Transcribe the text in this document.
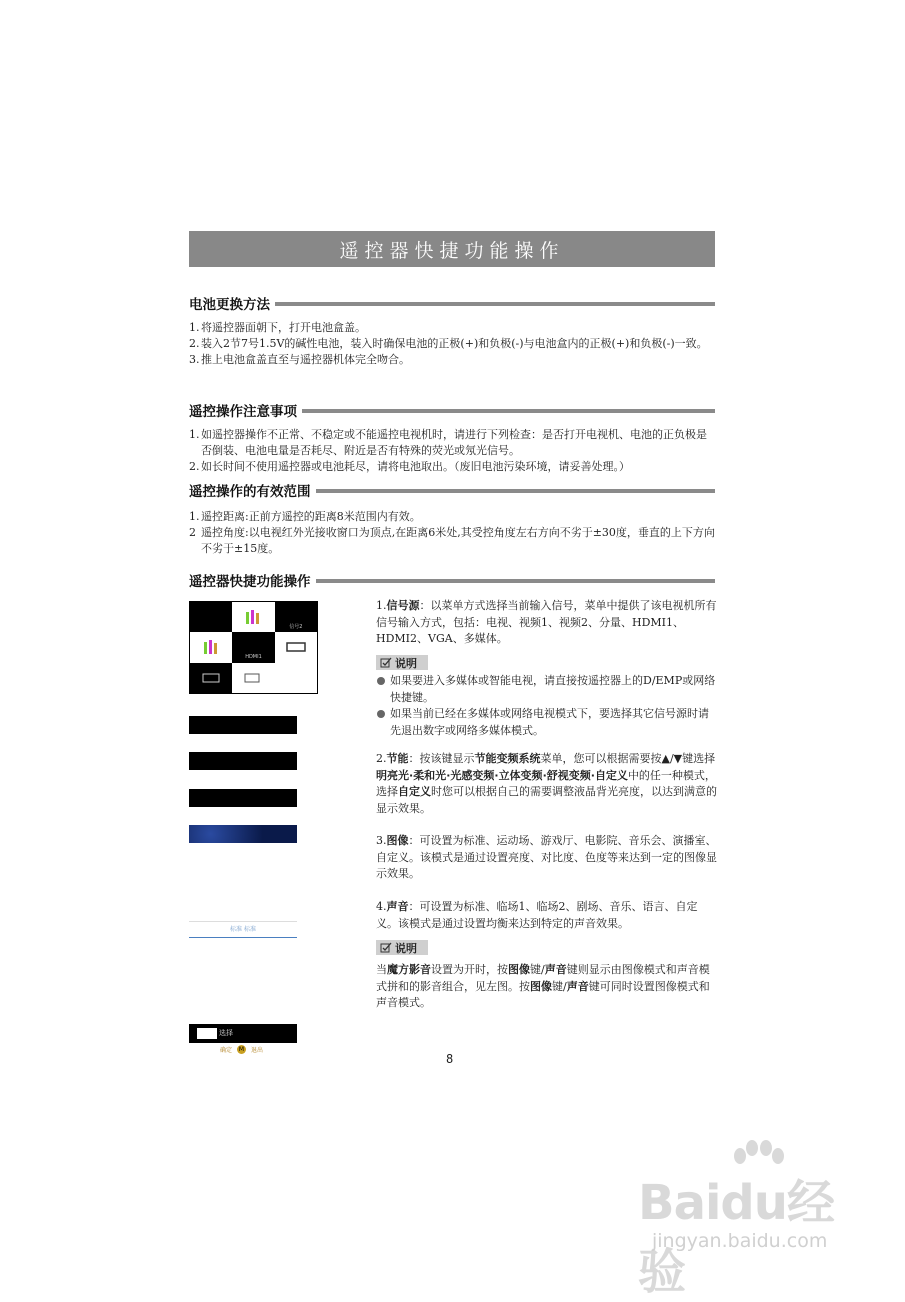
遥控器快捷功能操作
电池更换方法
1. 将遥控器面朝下，打开电池盒盖。
2. 装入2节7号1.5V的碱性电池，装入时确保电池的正极(+)和负极(-)与电池盒内的正极(+)和负极(-)一致。
3. 推上电池盒盖直至与遥控器机体完全吻合。
遥控操作注意事项
1. 如遥控器操作不正常、不稳定或不能遥控电视机时，请进行下列检查：是否打开电视机、电池的正负极是否倒装、电池电量是否耗尽、附近是否有特殊的荧光或氖光信号。
2. 如长时间不使用遥控器或电池耗尽，请将电池取出。（废旧电池污染环境，请妥善处理。）
遥控操作的有效范围
1. 遥控距离:正前方遥控的距离8米范围内有效。
2 遥控角度:以电视红外光接收窗口为顶点,在距离6米处,其受控角度左右方向不劣于±30度，垂直的上下方向不劣于±15度。
遥控器快捷功能操作
信号2
HDMI1
标准 标准
选择
确定	M	退出
1.信号源：以菜单方式选择当前输入信号，菜单中提供了该电视机所有信号输入方式，包括：电视、视频1、视频2、分量、HDMI1、HDMI2、VGA、多媒体。
说明
如果要进入多媒体或智能电视，请直接按遥控器上的D/EMP或网络快捷键。
如果当前已经在多媒体或网络电视模式下，要选择其它信号源时请先退出数字或网络多媒体模式。
2.节能：按该键显示节能变频系统菜单，您可以根据需要按▲/▼键选择明亮光·柔和光·光感变频·立体变频·舒视变频·自定义中的任一种模式，选择自定义时您可以根据自己的需要调整液晶背光亮度，以达到满意的显示效果。
3.图像：可设置为标准、运动场、游戏厅、电影院、音乐会、演播室、自定义。该模式是通过设置亮度、对比度、色度等来达到一定的图像显示效果。
4.声音：可设置为标准、临场1、临场2、剧场、音乐、语言、自定义。该模式是通过设置均衡来达到特定的声音效果。
说明
当魔方影音设置为开时，按图像键/声音键则显示由图像模式和声音模式拼和的影音组合，见左图。按图像键/声音键可同时设置图像模式和声音模式。
8
Baidu经验
jingyan.baidu.com
